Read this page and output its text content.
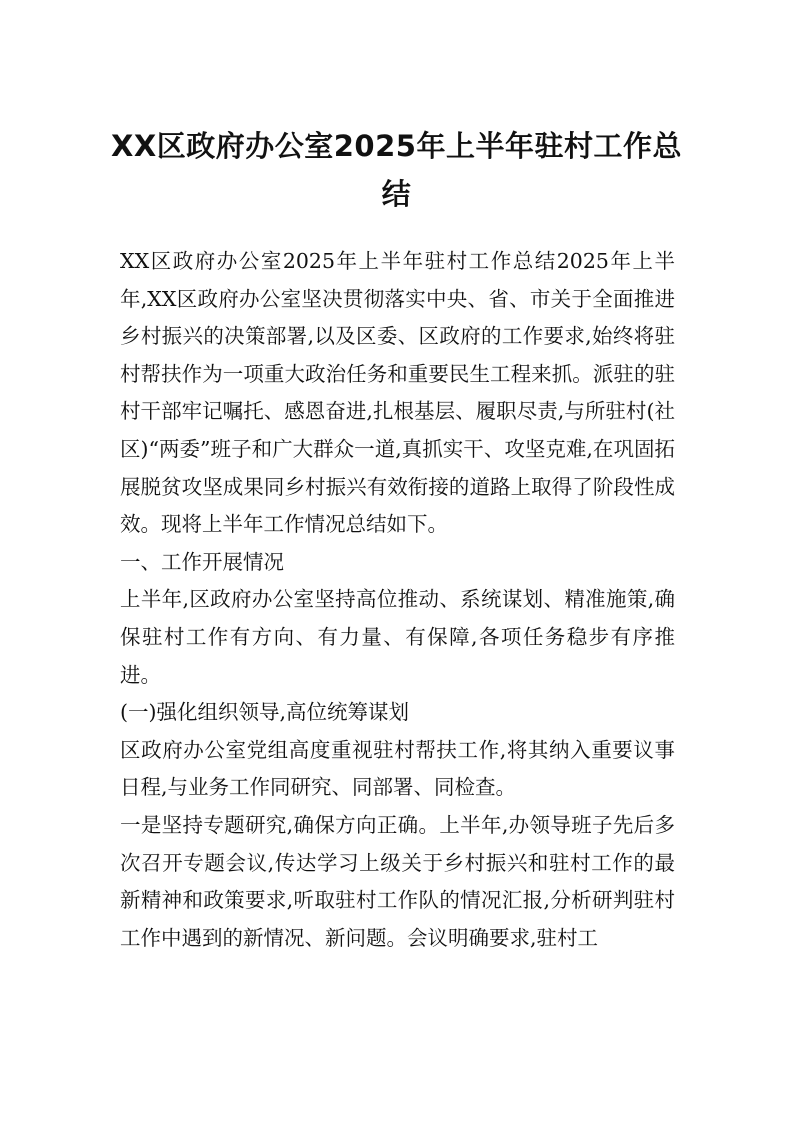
XX区政府办公室2025年上半年驻村工作总结

XX区政府办公室2025年上半年驻村工作总结2025年上半年,XX区政府办公室坚决贯彻落实中央、省、市关于全面推进乡村振兴的决策部署,以及区委、区政府的工作要求,始终将驻村帮扶作为一项重大政治任务和重要民生工程来抓。派驻的驻村干部牢记嘱托、感恩奋进,扎根基层、履职尽责,与所驻村(社区)“两委”班子和广大群众一道,真抓实干、攻坚克难,在巩固拓展脱贫攻坚成果同乡村振兴有效衔接的道路上取得了阶段性成效。现将上半年工作情况总结如下。

一、工作开展情况

上半年,区政府办公室坚持高位推动、系统谋划、精准施策,确保驻村工作有方向、有力量、有保障,各项任务稳步有序推进。

(一)强化组织领导,高位统筹谋划

区政府办公室党组高度重视驻村帮扶工作,将其纳入重要议事日程,与业务工作同研究、同部署、同检查。

一是坚持专题研究,确保方向正确。上半年,办领导班子先后多次召开专题会议,传达学习上级关于乡村振兴和驻村工作的最新精神和政策要求,听取驻村工作队的情况汇报,分析研判驻村工作中遇到的新情况、新问题。会议明确要求,驻村工
